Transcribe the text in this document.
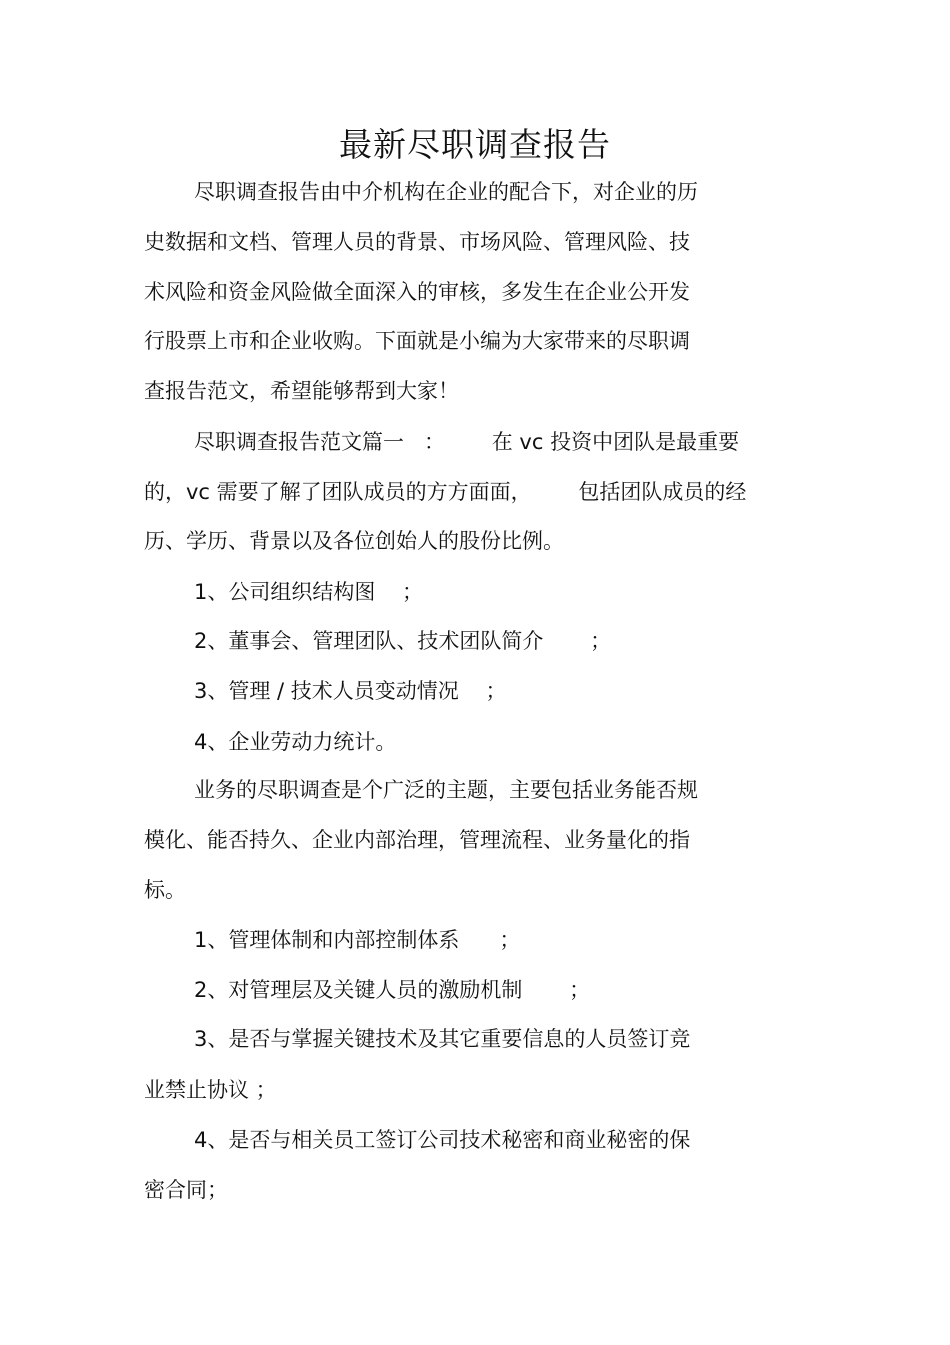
最新尽职调查报告
尽职调查报告由中介机构在企业的配合下，对企业的历
史数据和文档、管理人员的背景、市场风险、管理风险、技
术风险和资金风险做全面深入的审核，多发生在企业公开发
行股票上市和企业收购。下面就是小编为大家带来的尽职调
查报告范文，希望能够帮到大家！
尽职调查报告范文篇一   ：       在 vc 投资中团队是最重要
的，vc 需要了解了团队成员的方方面面，       包括团队成员的经
历、学历、背景以及各位创始人的股份比例。
1、公司组织结构图    ；
2、董事会、管理团队、技术团队简介       ；
3、管理 / 技术人员变动情况    ；
4、企业劳动力统计。
业务的尽职调查是个广泛的主题，主要包括业务能否规
模化、能否持久、企业内部治理，管理流程、业务量化的指
标。
1、管理体制和内部控制体系      ；
2、对管理层及关键人员的激励机制       ；
3、是否与掌握关键技术及其它重要信息的人员签订竞
业禁止协议 ；
4、是否与相关员工签订公司技术秘密和商业秘密的保
密合同；
